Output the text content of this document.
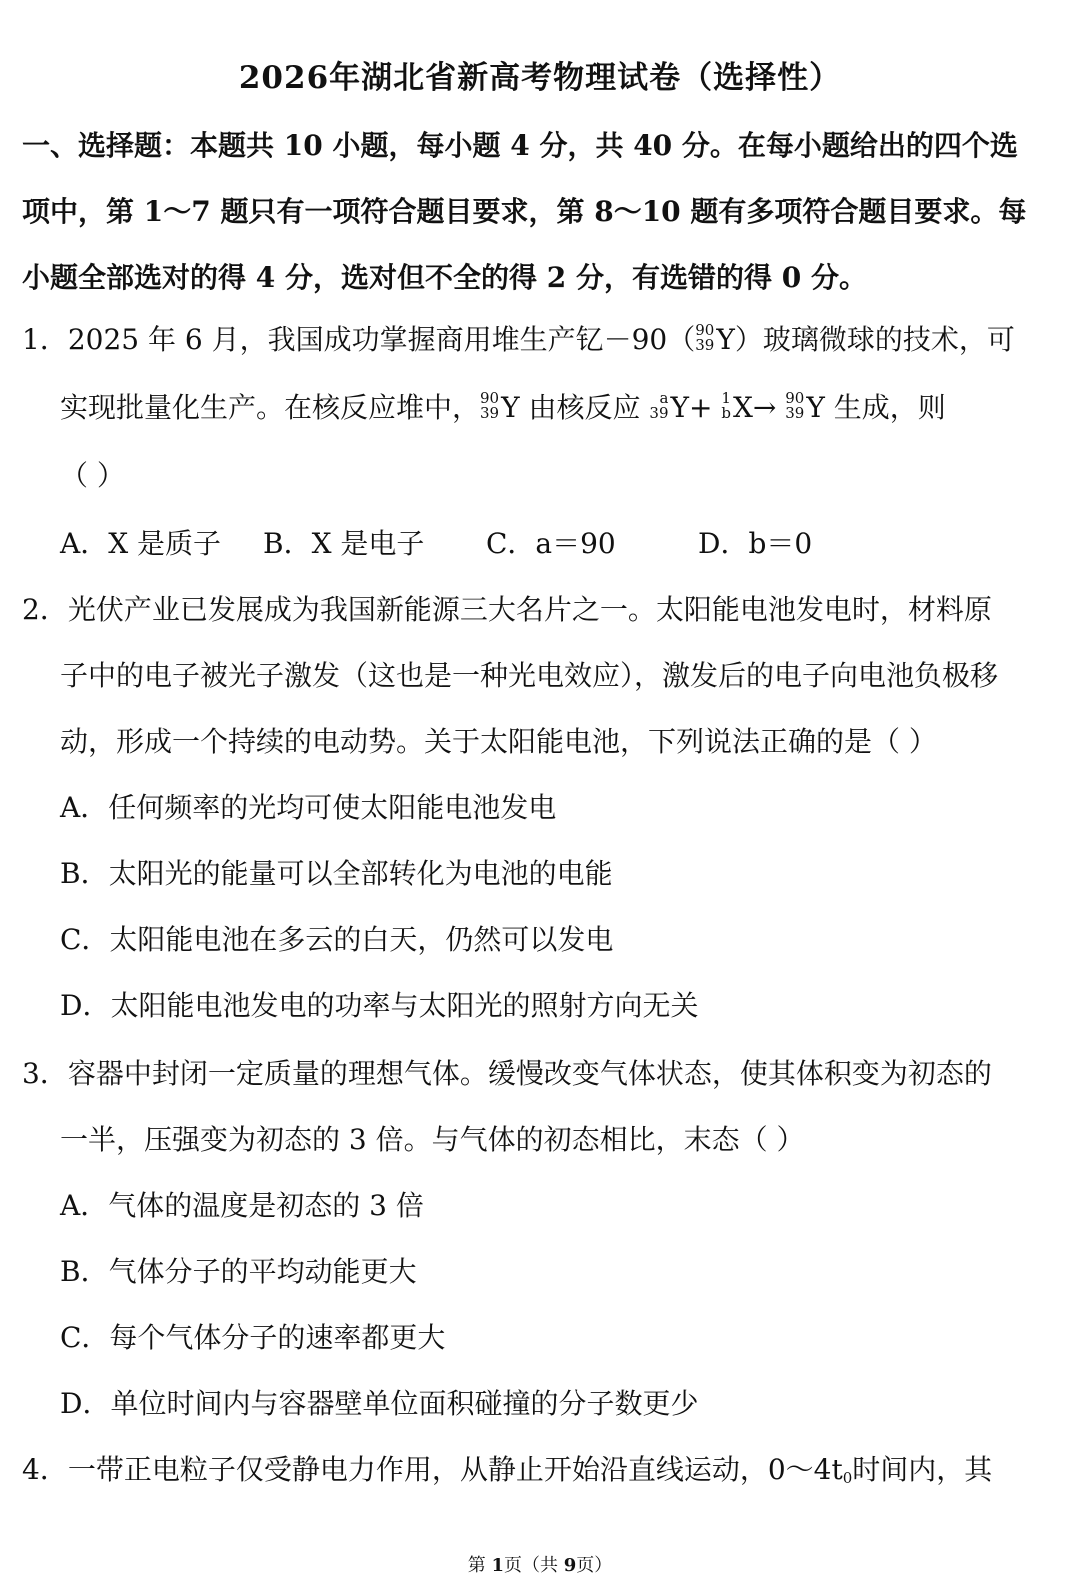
2026年湖北省新高考物理试卷（选择性）
一、选择题：本题共 10 小题，每小题 4 分，共 40 分。在每小题给出的四个选
项中，第 1～7 题只有一项符合题目要求，第 8～10 题有多项符合题目要求。每
小题全部选对的得 4 分，选对但不全的得 2 分，有选错的得 0 分。
1．2025 年 6 月，我国成功掌握商用堆生产钇－90（ 90
39 Y）玻璃微球的技术，可
实现批量化生产。在核反应堆中， 90
39 Y 由核反应 a
39 Y+ 1
b X→ 90
39 Y 生成，则
（ ）
A．X 是质子 B．X 是电子 C．a＝90	D．b＝0
2．光伏产业已发展成为我国新能源三大名片之一。太阳能电池发电时，材料原
子中的电子被光子激发（这也是一种光电效应），激发后的电子向电池负极移
动，形成一个持续的电动势。关于太阳能电池，下列说法正确的是（ ）
A．任何频率的光均可使太阳能电池发电
B．太阳光的能量可以全部转化为电池的电能
C．太阳能电池在多云的白天，仍然可以发电
D．太阳能电池发电的功率与太阳光的照射方向无关
3．容器中封闭一定质量的理想气体。缓慢改变气体状态，使其体积变为初态的
一半，压强变为初态的 3 倍。与气体的初态相比，末态（ ）
A．气体的温度是初态的 3 倍
B．气体分子的平均动能更大
C．每个气体分子的速率都更大
D．单位时间内与容器壁单位面积碰撞的分子数更少
4．一带正电粒子仅受静电力作用，从静止开始沿直线运动，0～4t0时间内，其
第 1页（共 9页）
